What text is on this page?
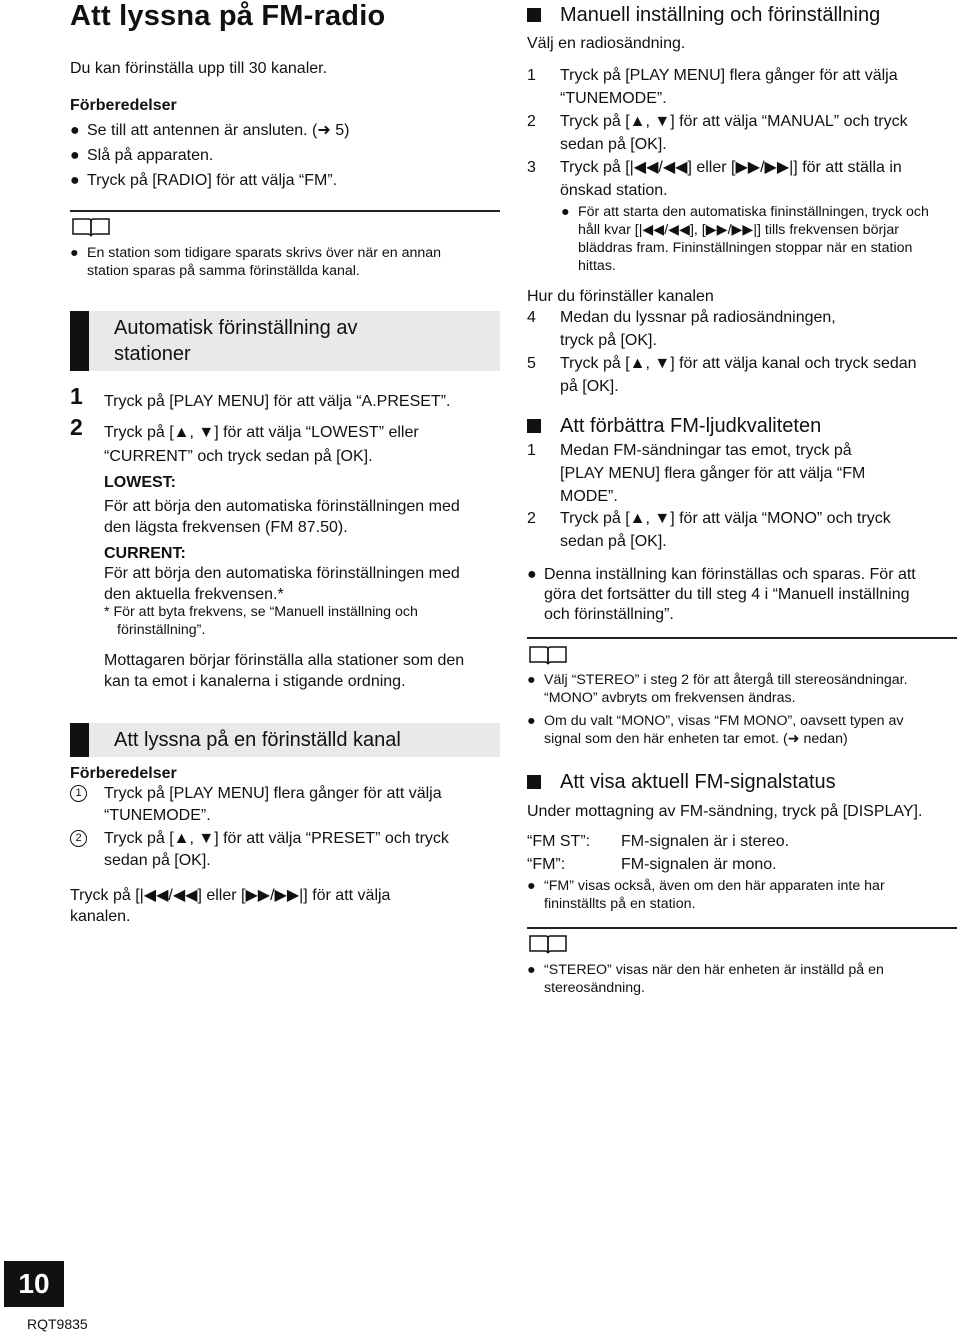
Att lyssna på FM-radio
Du kan förinställa upp till 30 kanaler.
Förberedelser
● Se till att antennen är ansluten. (➜ 5)
● Slå på apparaten.
● Tryck på [RADIO] för att välja “FM”.
● En station som tidigare sparats skrivs över när en annan
station sparas på samma förinställda kanal.
Automatisk förinställning av
stationer
1 Tryck på [PLAY MENU] för att välja “A.PRESET”.
2 Tryck på [▲, ▼] för att välja “LOWEST” eller
“CURRENT” och tryck sedan på [OK].
LOWEST:
För att börja den automatiska förinställningen med
den lägsta frekvensen (FM 87.50).
CURRENT:
För att börja den automatiska förinställningen med
den aktuella frekvensen.*
* För att byta frekvens, se “Manuell inställning och
förinställning”.
Mottagaren börjar förinställa alla stationer som den
kan ta emot i kanalerna i stigande ordning.
Att lyssna på en förinställd kanal
Förberedelser
1	Tryck på [PLAY MENU] flera gånger för att välja
“TUNEMODE”.
2	Tryck på [▲, ▼] för att välja “PRESET” och tryck
sedan på [OK].
Tryck på [|◀◀/◀◀] eller [▶▶/▶▶|] för att välja
kanalen.
10
RQT9835
Manuell inställning och förinställning
Välj en radiosändning.
1 Tryck på [PLAY MENU] flera gånger för att välja
“TUNEMODE”.
2 Tryck på [▲, ▼] för att välja “MANUAL” och tryck
sedan på [OK].
3 Tryck på [|◀◀/◀◀] eller [▶▶/▶▶|] för att ställa in
önskad station.
● För att starta den automatiska fininställningen, tryck och
håll kvar [|◀◀/◀◀], [▶▶/▶▶|] tills frekvensen börjar
bläddras fram. Fininställningen stoppar när en station
hittas.
Hur du förinställer kanalen
4 Medan du lyssnar på radiosändningen,
tryck på [OK].
5 Tryck på [▲, ▼] för att välja kanal och tryck sedan
på [OK].
Att förbättra FM-ljudkvaliteten
1 Medan FM-sändningar tas emot, tryck på
[PLAY MENU] flera gånger för att välja “FM
MODE”.
2 Tryck på [▲, ▼] för att välja “MONO” och tryck
sedan på [OK].
● Denna inställning kan förinställas och sparas. För att
göra det fortsätter du till steg 4 i “Manuell inställning
och förinställning”.
● Välj “STEREO” i steg 2 för att återgå till stereosändningar.
“MONO” avbryts om frekvensen ändras.
● Om du valt “MONO”, visas “FM MONO”, oavsett typen av
signal som den här enheten tar emot. (➜ nedan)
Att visa aktuell FM-signalstatus
Under mottagning av FM-sändning, tryck på [DISPLAY].
“FM ST”: FM-signalen är i stereo.
“FM”:	FM-signalen är mono.
● “FM” visas också, även om den här apparaten inte har
fininställts på en station.
● “STEREO” visas när den här enheten är inställd på en
stereosändning.
